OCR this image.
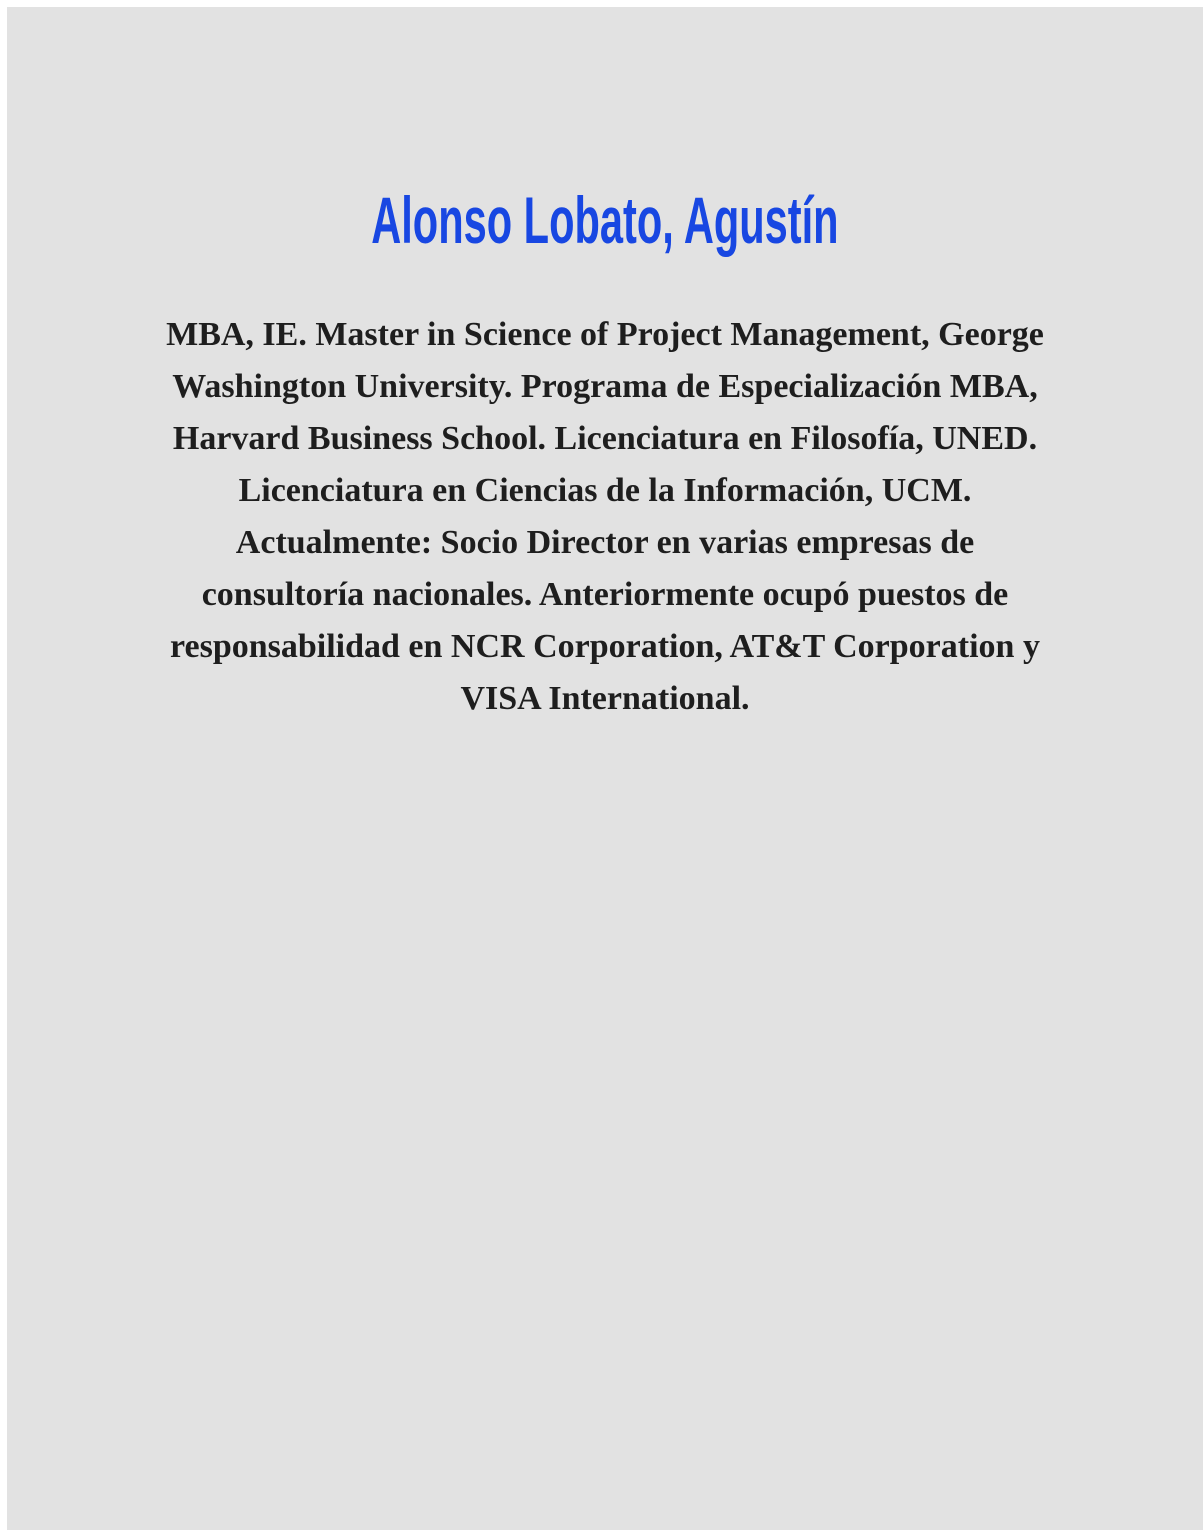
Alonso Lobato, Agustín
MBA, IE. Master in Science of Project Management, George
Washington University. Programa de Especialización MBA,
Harvard Business School. Licenciatura en Filosofía, UNED.
Licenciatura en Ciencias de la Información, UCM.
Actualmente: Socio Director en varias empresas de
consultoría nacionales. Anteriormente ocupó puestos de
responsabilidad en NCR Corporation, AT&T Corporation y
VISA International.
